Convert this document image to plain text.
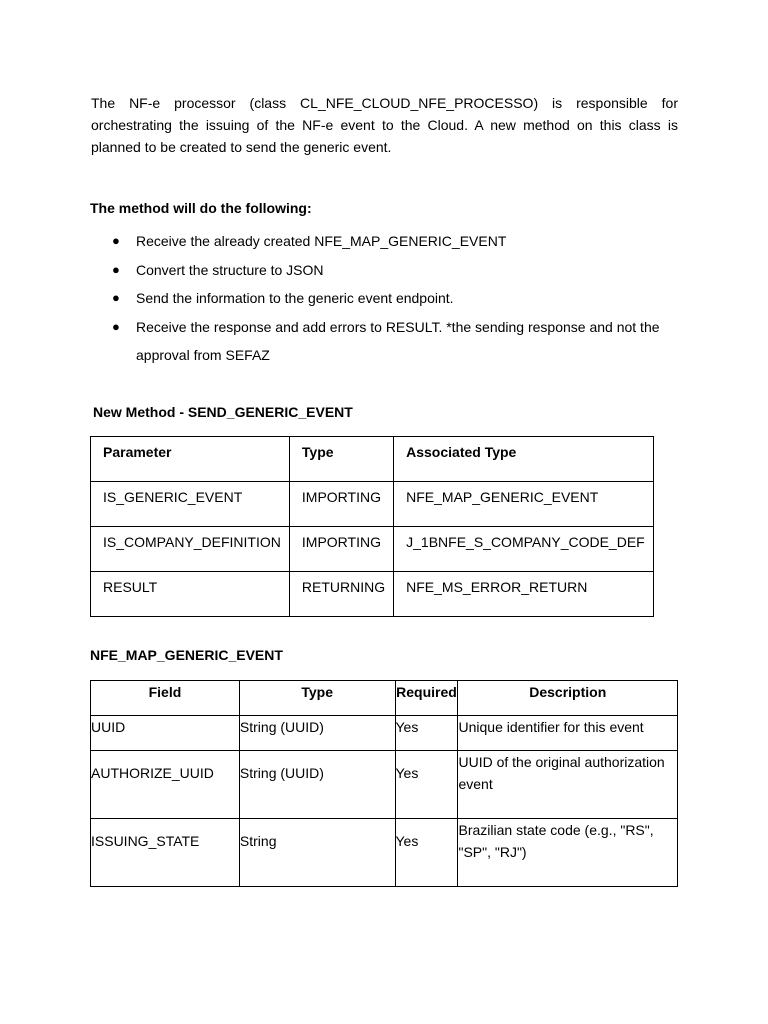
The NF-e processor (class CL_NFE_CLOUD_NFE_PROCESSO) is responsible for orchestrating the issuing of the NF-e event to the Cloud. A new method on this class is planned to be created to send the generic event.

The method will do the following:

● Receive the already created NFE_MAP_GENERIC_EVENT
● Convert the structure to JSON
● Send the information to the generic event endpoint.
● Receive the response and add errors to RESULT. *the sending response and not the approval from SEFAZ

New Method - SEND_GENERIC_EVENT

Parameter	Type	Associated Type
IS_GENERIC_EVENT	IMPORTING	NFE_MAP_GENERIC_EVENT
IS_COMPANY_DEFINITION	IMPORTING	J_1BNFE_S_COMPANY_CODE_DEF
RESULT	RETURNING	NFE_MS_ERROR_RETURN

NFE_MAP_GENERIC_EVENT

Field	Type	Required	Description
UUID	String (UUID)	Yes	Unique identifier for this event
AUTHORIZE_UUID	String (UUID)	Yes	UUID of the original authorization event
ISSUING_STATE	String	Yes	Brazilian state code (e.g., "RS", "SP", "RJ")
